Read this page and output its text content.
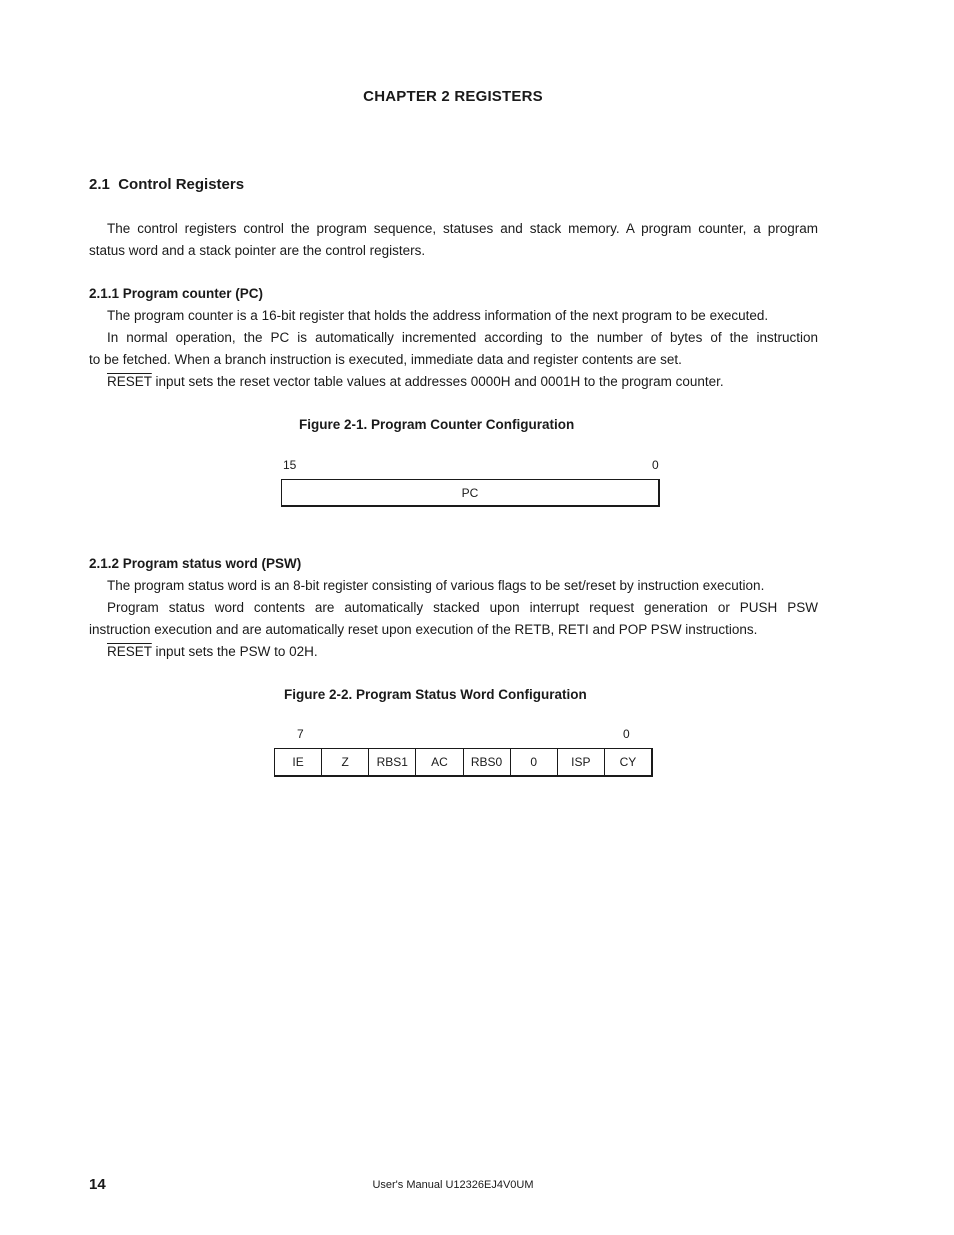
CHAPTER 2 REGISTERS
2.1 Control Registers

The control registers control the program sequence, statuses and stack memory. A program counter, a program

status word and a stack pointer are the control registers.

2.1.1 Program counter (PC)

The program counter is a 16-bit register that holds the address information of the next program to be executed.

In normal operation, the PC is automatically incremented according to the number of bytes of the instruction

to be fetched. When a branch instruction is executed, immediate data and register contents are set.

RESET input sets the reset vector table values at addresses 0000H and 0001H to the program counter.

Figure 2-1. Program Counter Configuration
15	0
PC
2.1.2 Program status word (PSW)

The program status word is an 8-bit register consisting of various flags to be set/reset by instruction execution.

Program status word contents are automatically stacked upon interrupt request generation or PUSH PSW

instruction execution and are automatically reset upon execution of the RETB, RETI and POP PSW instructions.

RESET input sets the PSW to 02H.

Figure 2-2. Program Status Word Configuration
7	0
IE	Z	RBS1	AC	RBS0	0	ISP	CY
14	User's Manual U12326EJ4V0UM
